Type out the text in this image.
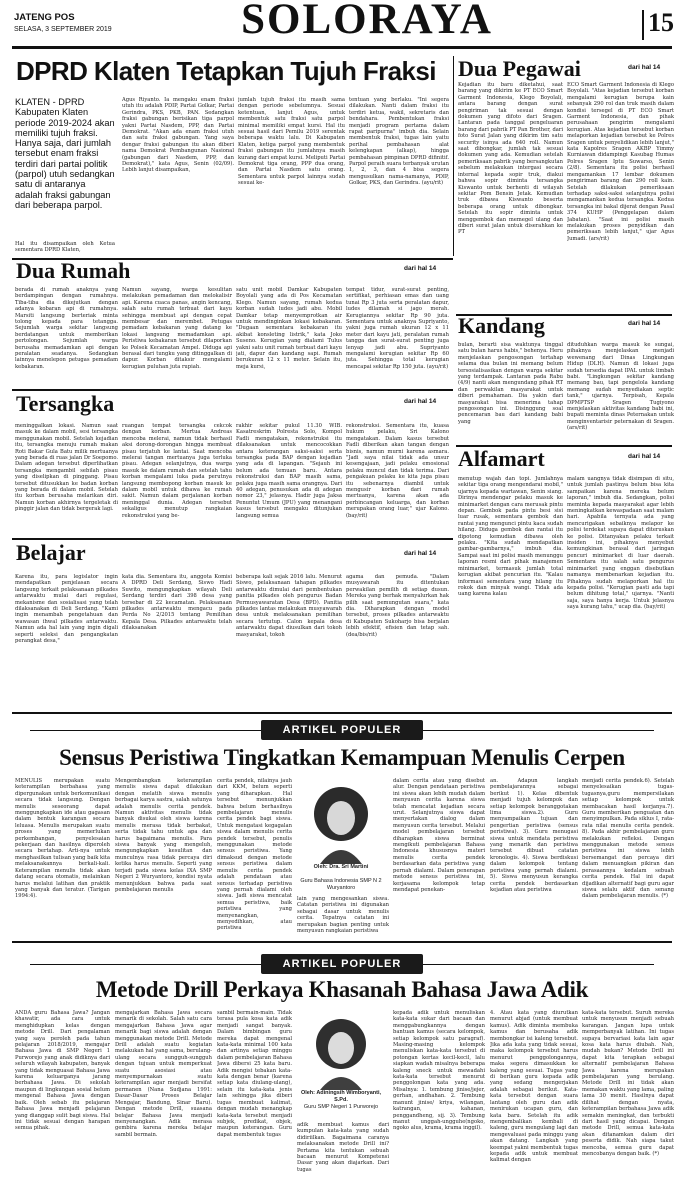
JATENG POS
SELASA, 3 SEPTEMBER 2019	SOLORAYA	15
DPRD Klaten Tetapkan Tujuh Fraksi
KLATEN - DPRD Kabupaten Klaten periode 2019-2024 akan memiliki tujuh fraksi. Hanya saja, dari jumlah tersebut enam fraksi terdiri dari partai politik (parpol) utuh sedangkan satu di antaranya adalah fraksi gabungan dari beberapa parpol.
Hal itu disampaikan oleh Ketua sementara DPRD Klaten,
Agus Riyanto. Ia mengaku enam fraksi utuh itu adalah PDIP, Partai Golkar, Partai Gerindra, PKS, PKB, PAN. Sedangkan fraksi gabungan berisikan tiga parpol yakni Partai Nasdem, PPP, dan Partai Demokrat. "Akan ada enam fraksi utuh dan satu fraksi gabungan. Yang saya dengar fraksi gabungan itu akan diberi nama Demokrat Pembangunan Nasional (gabungan dari Nasdem, PPP, dan Demokrat)," kata Agus, Senin (02/09). Lebih lanjut disampaikan,
jumlah tujuh fraksi itu masih sama dengan periode sebelumnya. Sesuai ketentuan, lanjut Agus, untuk membentuk satu fraksi satu parpol minimal memiliki empat kursi. Hal itu sesuai hasil dari Pemilu 2019 serentak beberapa waktu lalu. Di Kabupaten Klaten, ketiga parpol yang membentuk fraksi gabungan itu jumlahnya masih kurang dari empat kursi. Meliputi Partai Demokrat tiga orang, PPP dua orang, dan Partai Nasdem satu orang. Sementara untuk parpol lainnya sudah sesuai ke-
tentuan yang berlaku. "Ini segera dilakukan. Nanti dalam fraksi itu terdiri ketua, wakil, sekretaris dan bendahara. Pembentukan fraksi menjadi program pertama dalam rapat paripurna" imbuh dia. Selain membentuk fraksi, tugas lain yaitu perihal pembahasan alat kelengkapan (alkap), hingga pembahasan pimpinan DPRD difinitif. Parpol peraih suara terbanyak urutan 1, 2, 3, dan 4 bisa segera mengusulkan nama-namanya, PDIP, Golkar, PKS, dan Gerindra. (ayu/rit)
Dua Pegawai	dari hal 14
Kejadian itu baru diketahui, saat barang yang dikirim ke PT ECO Smart Garment Indonesia, Klego Boyolali, antara barang dengan surat pengiriman tak sesuai dengan dokumen yang difoto dari Sragen. Lantaran pada tanggal pengeluaran barang dari pabrik PT Pan Brother, dari foto Surat Jalan yang dikirim tim satu security isinya ada 640 roll. Namun saat dibongkar, jumlah tak sesuai dokumen yang ada. Kemudian setelah pemeriksaan pabrik yang bersangkutan sebelum melakukan intergasi secara internal kepada sopir truk, diakui bahwa sopir diminta tersangka Kiswanto untuk berhenti di wilayah sekitar Pom Bensin Jetak. Kemudian truk dibawa Kiswanto beserta beberapa orang untuk dibongkar. Setelah itu sopir diminta untuk menggembok dan memegel ulang dan diberi surat jalan untuk diserahkan ke PT
ECO Smart Garment Indonesia di Klego Boyolali. "Atas kejadian tersebut korban mengalami kerugian berupa kain sebanyak 290 rol dan truk masih dalam kondisi tersegel di PT ECO Smart Garment Indonesia, dan pihak perusahaan pengirim mengalami kerugian. Atas kejadian tersebut korban melaporkan kejadian tersebut ke Polres Sragen untuk penyelidikan lebih lanjut," kata Kapolres Sragen AKBP Yimmy Kurniawan didampingi Kasubag Humas Polres Sragen Iptu Suwarso, Senin (2/8). Sementara itu polisi berhasil mengamankan 17 lembar dokumen pengiriman barang dan 290 roll kain. Setelah dilakukan pemeriksaan terhadap saksi-saksi selanjutnya polisi mengamankan kedua tersangka. Kedua tersangka ini bakal dijerat dengan Pasal 374 KUHP (Penggelapan dalam Jabatan). "Saat ini polisi masih melakukan proses penyidikan dan pemeriksaan lebih lanjut," ujar Agus Jumadi. (ars/rit)
Dua Rumah	dari hal 14
berada di rumah anaknya yang berdampingan dengan rumahnya. Tiba-tiba dia dikejutkan dengan adanya kobaran api di rumahnya. Marsiti langsung berteriak minta tolong kepada para tetangga. Sejumlah warga sekitar langsung berdatangan untuk memberikan pertolongan. Sejumlah warga berusaha memadamkan api dengan peralatan seadanya. Sedangkan lainnya menelepon petugas pemadam kebakaran.
Namun sayang, warga kesulitan melakukan pemadaman dan melokalisir api. Karena cuaca panas, angin kencang, salah satu rumah terbuat dari kayu sehingga membuat api dengan cepat membesar dan merembet. Petugas pemadam kebakaran yang datang ke lokasi langsung memadamkan api. Peristiwa kebakaran tersebut dilaporkan ke Polsek Kecamatan Ampel. Diduga api berasal dari tungku yang ditinggalkan di dapur. Korban ditaksir mengalami kerugian puluhan juta rupiah.
satu unit mobil Damkar Kabupaten Boyolali yang ada di Pos Kecamatan Klego. Namun sayang, rumah kedua korban sudah ludes jadi abu. Mobil Damkar tetap menyemprotkan air untuk mendinginkan lokasi kebakaran. "Dugaan sementara kebakaran itu akibat konsleting listrik," kata Joko Suseno. Kerugian yang dialami Tulus yakni satu unit rumah terbuat dari kayu jati, dapur dan kandang sapi. Rumah berukuran 12 x 11 meter. Selain itu, meja kursi,
tempat tidur, surat-surat penting, sertifikat, perhiasan emas dan uang tunai Rp 3 juta serta peralatan dapur, ludes dilamah si jago merah. Kerugiannya sekitar Rp 90 juta. Sementara untuk anaknya Supriyanto, yakni juga rumah ukuran 12 x 11 meter dari kayu jati, peralatan rumah tangga dan surat-surat penting juga lenyap jadi abu. Supriyanto mengalami kerugian sekitar Rp 60 juta. Sehingga total kerugian mencapai sekitar Rp 150 juta. (ayu/rit)
Kandang	dari hal 14
bulan, berarti sisa waktunya tinggal satu bulan harus habis," behenya. Heru menjelaskan pengosongan tertahap selama dua bulan ini memang belum tersosialisasikan dengan warga sekitar yang terdampak. Lantaran pada Rabu (4/9) nanti akan mengundang pihak RT dan perwakilan masyarakat untuk diberi pemahaman. Dia yakin dari masyarakat bisa menerima tahap pengosongan ini. Disinggung soal pencemaran bau dari kandang babi yang
dituduhkan warga masuk ke sungai, pihaknya menjelaskan menjadi wewenang dari Dinas Lingkungan Hidup (DLH). Namun di lokasi juga sudah tersedia dapat IPAL untuk limbah babi. "Lingkungan sekitar kandang memang bau, tapi pengelola kandang memang sudah menyediakan septic tank," ujarnya. Terpisah, Kepala DPMPTSP Sragen Tugiyono menjelaskan aktivitas kandang babi ini, bupati meminta dinas Peternakan untuk menginventarisir peternakan di Sragen. (ars/rit)
Tersangka	dari hal 14
meninggalkan lokasi. Namun saat masuk ke dalam mobil, sesi tersangka menggunakan mobil. Setelah kejadian itu, tersangka menuju rumah makan Roti Bakar Gula Batu milik mertuanya yang berada di ruas jalan Dr Soepomo. Dalam adegan tersebut diperlihatkan tersangka mengambil sebilah pisau yang diselipkan di pinggang. Pisau tersebut ditusukkan ke badan korban yang berada di dalam mobil. Setelah itu korban berusaha melarikan diri. Namun korban akhirnya tergeletak di pinggir jalan dan tidak bergerak lagi.
ruangan tempat tersangka cekcok dengan korban. Mertua Andreas mencoba melerai, namun tidak berhasil aksi dorong-dorongan hingga membuat pisau terjatuh ke lantai. Saat mencoba melerai tangan mertuanya juga terluka pisau. Adegan selanjutnya, dua warga masuk ke dalam rumah dan setelah tahu korban mengalami luka pada perutnya langsung membopong korban masuk ke dalam mobil untuk dibawa ke rumah sakit. Namun dalam perjalanan korban meninggal dunia. Adegan tersebut sekaligus menutup rangkaian rekonstruksi yang be-
rakhir sekitar pukul 11.30 WIB. Kasatreskrim Polresta Solo, Kompol Fadli mengatakan, rekonstruksi itu dilaksanakan untuk mencocokkan antara keterangan saksi-saksi serta tersangka pada BAP dengan kejadian yang ada di lapangan. "Sejauh ini belum ada temuan baru. Antara rekonstruksi dan BAP masih sama, pelaku juga masih sama orangnya. Dari 40 adegan, penusukan ada di adegan nomor 23," jelasnya. Hadir juga Jaksa Penuntut Umum (JPU) yang menangani kasus tersebut mengaku ditunjukan langsung semua
rekonstruksi. Sementara itu, kuasa hukum pelaku, Sri Kalono mengatakan. Dalam kasus tersebut Fadli diberikan akan tangan dengan bisnis, namun murni karena asmara. "Jadi saya nilai tidak ada unsur kesengajaan, jadi pelaku emosional pelaku muncul dan tidak terima. Dari pengakuan pelaku ke kita juga pisau itu sebenarnya diambil untuk mengusir korban dari rumah mertuanya, karena akan ada perbincangan keluarga, dan korban merupakan orang luar," ujar Kalono. (bay/rit)
Alfamart	dari hal 14
menutup wajah dan topi. Jumlahnya sekitar tiga orang mengendarai mobil," ujarnya kepada wartawan, Senin siang. Dirinya mendengar pelaku masuk ke minimarket dengan cara merusak pintu depan. Gembok pada pintu besi sisi luar rusak, sementara gembok dan rantai yang mengunci pintu kaca sudah hilang. Diduga gembok dan rantai itu dipotong kemudian dibawa oleh pelaku. "Kita sudah mendapatkan gambar-gambarnya," imbuh dia. Sampai saat ini polisi masih menunggu laporan resmi dari pihak manajemen minimarket, termasuk jumlah total kerugian akibat pencurian itu. "Kalau informasi sementara yang hilang itu rokok dan minyak wangi. Tidak ada uang karena kalau
malam uangnya tidak disimpan di situ, untuk jumlah pastinya belum bisa kita sampaikan karena mereka belum laporan," imbuh dia. Sedangkan, polisi meminta kepada masyarakat agar lebih meningkatkan kewaspadaan saat malam hari. Apabila ternyata ada yang mencurigakan sebaiknya melapor ke polisi terdekat supaya dapat diteruskan ke polisi. Ditanyakan pelaku terkait insiden ini, pihaknya menyebut kemungkinan berasal dari jaringan pencuri minimarket di luar daerah. Sementara itu salah satu pengurus minimarket yang enggan disebutkan namanya membenarkan kejadian itu. Pihaknya sudah melaporkan hal itu kepada polisi. "Kerugian pasti ada tapi belum dihitung total," ujarnya. "Nanti saja, saya hanya kerja. Untuk jelasnya saya kurang tahu," ucap dia. (bay/rit)
Belajar	dari hal 14
Karena itu, para legislator ingin mendapatkan penjelasan secara langsung terkait pelaksanaan pilkades antarwaktu mulai dari regulasi, mekanisme dan sosialisasi yang telah dilaksanakan di Deli Serdang. "Kami ingin menambah pengetahuan dan wawasan ihwal pilkades antarwaktu. Namun ada hal lain yang ingin digali seperti seleksi dan pengangkatan perangkat desa,"
kata dia. Sementara itu, anggota Komisi A DPRD Deli Serdang, Siswo Hadi Suwito, mengungkapkan wilayah Deli Serdang terdiri dari 398 desa yang tersebar di 22 kecamatan. Pelaksanaan pilkades antarwaktu mengacu pada Perda No 2/2015 tentang Pemilihan Kepala Desa. Pilkades antarwaktu telah dilaksanakan
beberapa kali sejak 2016 lalu. Menurut Siswo, pelaksanaan tahapan pilkades antarwaktu dimulai dari pembentukan panitia pilkades oleh pengurus Badan Permusyawaratan Desa (BPD). Panitia pilkades lantas melakukan musyawarah desa untuk melaksanakan pemilihan secara tertutup. Calon kepala desa antarwaktu dapat diusulkan dari tokoh masyarakat, tokoh
agama dan pemuda. "Dalam musyawarah itu ditentukan perwakilan pemilih di setiap dusun. Mereka yang berhak menyalurkan hak pilih saat pemungutan suara," kata dia. Diharapkan dengan model tersebut, proses pilkades antarwaktu di Kabupaten Sukoharjo bisa berjalan lebih efektif, efisien dan tetap sah. (dea/bis/rit)
ARTIKEL POPULER
Sensus Peristiwa Tingkatkan Kemampuan Menulis Cerpen
MENULIS merupakan suatu keterampilan berbahasa yang dipergunakan untuk berkomunikasi secara tidak langsung. Dengan menulis seseorang dapat menggungkapkan ide atau gagasan dalam bentuk karangan secara leluasa. Menulis merupakan suatu proses yang memerlukan perkembangan, penyelesaian pekerjaan dan hasilnya diperoleh secara bertahap. Arti-nya untuk menghasilkan tulisan yang baik kita melaksanakannya berkali-kali. Keterampilan menulis tidak akan datang secara otomatis, melainkan harus melalui latihan dan praktik yang banyak dan teratur. (Tarigan 1994:4).
Mengembangkan keterampilan menulis siswa dapat dilakukan dengan melatih siswa menulis berbagai karya sastra, salah satunya adalah menulis cerita pendek. Namun aktivitas menulis tidak banyak disukai oleh siswa karena menulis merasa tidak berbakat, serta tidak tahu untuk apa dan harus bagaimana menulis. Para siswa banyak yang mengeluh, mengungkapkan kesulitan dan munculnya rasa tidak percaya diri ketika harus menulis. Seperti yang terjadi pada siswa kelas IXA SMP Negeri 2 Wuryantoro, kondisi nyata menunjukkan bahwa pada saat pembelajaran menulis
cerita pendek, nilainya jauh dari KKM, belum seperti yang diharapkan. Hal tersebut menunjukkan bahwa belum berhasilnya pembelajaran menulis cerita pendek bagi siswa. Untuk mengatasi kegagalan siswa dalam menulis cerita pendek tersebut, penulis menggunakan metode sensus peristiwa. Yang dimaksud dengan metode sensus peristiwa dalam menulis cerita pendek adalah pendataan atau sensus terhadap peristiwa yang pernah dialami oleh siswa. Jadi siswa mencatat semua peristiwa, baik peristiwa yang menyenangkan, menyedihkan, atau peristiwa
Oleh: Dra. Sri Martini
Guru Bahasa Indonesia SMP N 2 Wuryantoro
lain yang mengesankan siswa. Catatan peristiwa ini digunakan sebagai dasar untuk menulis cerita. Tepatnya catatan ini merupakan bagian penting untuk menyusun rangkaian peristiwa
dalam cerita atau yang disebut alur. Dengan pendataan peristiwa ini siswa akan lebih mudah dalam menyusun cerita karena siswa telah mencatat kejadian secara urut. Selanjutnya siswa dapat menyertakan dialog dalam menyusun cerita tersebut. Melalui model pembelajaran tersebut diharapkan siswa berminat mengikuti pembelajaran Bahasa Indonesia khususnya materi menulis cerita pendek berdasarkan data peristiwa yang pernah dialami. Dalam penerapan metode sensus peristiwa ini, kerjasama kelompok tetap mendapat penekan-
an. Adapun langkah pembelajarannya sebagai berikut 1). Kelas dibentuk menjadi tujuh kelompok dan setiap kelompok beranggotakan lima siswa.2). Guru menyampaikan tujuan dan pengertian peristiwa (sensus peristiwa). 3). Guru menugasi siswa untuk mendata peristiwa yang menarik dan peristiwa tersebut dibuat catatan kronologis. 4). Siswa berdiskusi dalam kelompok tentang peristiwa yang pernah dialami. 5). Siswa menyusun kerangka cerita pendek berdasarkan kejadian atau peristiwa
menjadi cerita pendek.6). Setelah menyelesaikan tugas-tugasnya,guru mempersilakan setiap kelompok untuk membacakan hasil kerjanya.7). Guru memberikan penguatan dan menyimpulkan. Pada siklus I, rata-rata nilai menulis cerita pendek. 8). Pada akhir pembelajaran guru melakukan refleksi. Dengan menggunakan metode sensus peristiwa ini siswa lebih bersemangat dan percaya diri dalam menuangkan pikiran dan perasaannya kedalam sebuah cerita pendek. Hal ini dapat dijadikan alternatif bagi guru agar siswa selalu aktif dan senang dalam pembelajaran menulis. (*)
ARTIKEL POPULER
Metode Drill Perkaya Khasanah Bahasa Jawa Adik
ANDA guru Bahasa Jawa? Jangan khawatir, ada cara untuk menghidupkan kelas dengan metode Drill. Dari pengalaman yang saya peroleh pada tahun pelajaran 2018/2019, mengajar Bahasa Jawa di SMP Negeri 1 Purworejo yang anak didiknya dari seluruh wilayah kabupaten, banyak yang tidak menguasai Bahasa Jawa karena keluarganya jarang berbahasa Jawa. Di sekolah maupun di lingkungan sosial belum mengenal Bahasa Jawa dengan baik. Oleh sebab itu pelajaran Bahasa Jawa menjadi pelajaran yang dianggap sulit bagi siswa. Hal ini tidak sesuai dengan harapan semua pihak.
mengajarkan Bahasa Jawa secara menarik di sekolah. Salah satu cara mengajarkan Bahasa Jawa agar menarik bagi siswa adalah dengan menggunakan metode Drill. Metode Drill adalah suatu kegiatan melakukan hal yang sama, berulang-ulang secara sungguh-sungguh dengan tujuan untuk memperkuat suatu asosiasi atau menyempurnakan suatu keterampilan agar menjadi bersifat permanen (Nana Sudjana 1991: Dasar-Dasar Proses Belajar Mengajar, Bandung, Sinar Baru). Dengan metode Drill, suasana belajar Bahasa Jawa menjadi menyenangkan. Adik merasa gembira karena mereka belajar sambil bermain.
sambil bermain-main. Tidak terasa pula kosa kata adik menjadi sangat banyak. Dalam bimbingan guru mereka dapat mengenal kata-kata minimal 100 kata dan artinya setiap minggu dalam pembelajaran Bahasa Jawa dibersi 25 kata baru. Adik mengisi tebakan kata-kata dengan benar (karena setiap kata diulang-ulang), selain itu kata-kata jenis lain sehingga jika diberi tugas membuat kalimat, dengan mudah menangkap kata-kata tersebut menjadi subjek, predikat, objek, maupun keterangan. Guru dapat membentuk tugas
Oleh: Adiningsih Wimboryanti, S.Pd.
Guru SMP Negeri 1 Purworejo
adik membuat kamus dari kumpulan kata-kata yang sudah didiriilkan. Bagaimana caranya melaksanakan metode Drill ini? Pertama kita tentukan sebuah bacaan menurut Kompetensi Dasar yang akan diajarkan. Dari tugas
kepada adik untuk menuliskan kata-kata sukar dari bacaan dan menggabungkannya dengan bantuan kamus (secara kelompok, setiap kelompok satu paragraf). Masing-masing kelompok menuliskan kata-kata tersebut di potongan kertas kecil-kecil, lalu siapkan wadah misalnya beberapa kaleng sneck untuk mewadahi kata-kata tersebut menurut penggolongan kata yang ada. Misalnya: 1. tembung jinise/jejer, gerhan, andhahan. 2. Tembung manunt jinise/ kriya, wilangan, katrangan, kahanan, penggandheng, sij. 3). Tembung manut unggah-ungguhe(ngoko, ngoko alus, krama, krama inggil).
4. Atau kata yang diurutkan menurut abjad (untuk membuat kamus). Adik diminta membuka kamus dan berusaha adik membongkar isi kaleng tersebut. Jika ada kata yang tidak sesuai, maka kelompok tersebut harus menurut penggolongannya, maka segera dimasukkan ke kaleng yang sesuai. Tugas yang di berikan guru kepada adik yang sedang mengerjakan adalah sebagai berikut. Kata-kata tersebut dengan suara lantang oleh guru dan adik menirukan ucapan guru, dan kata baru. Setelah itu adik mengembalikan kembali di kaleng, guru mengulang lagi dan mengevaluasi pada minggu yang akan datang. Langkah yang keempat yakni membentuk tugas kepada adik untuk membuat kalimat dengan
kata-kata tersebut. Suruh mereka untuk menyusun menjadi sebuah karangan. Jangan lupa untuk memperbanyak latihan. Ini tugas supaya bervariasi kata lain agar kosa kata harus diubah. Nah, mudah bukan? Metode Drill ini dapat kita terapkan sebagai alternatif pembelajaran Bahasa Jawa karena merupakan pembelajaran yang berulang. Metode Drill ini tidak akan memakan waktu yang lama, paling lama 30 menit. Hasilnya dapat dilihat dengan nyata, keterampilan berbahasa Jawa adik semakin meningkat, dan terbukti dari hasil yang dicapai. Dengan metode Drill, semua kata-kata akan ditanamkan dalam diri peserta didik. Nah siapa takut mencoba, semua guru dapat mencobanya dengan baik. (*)
